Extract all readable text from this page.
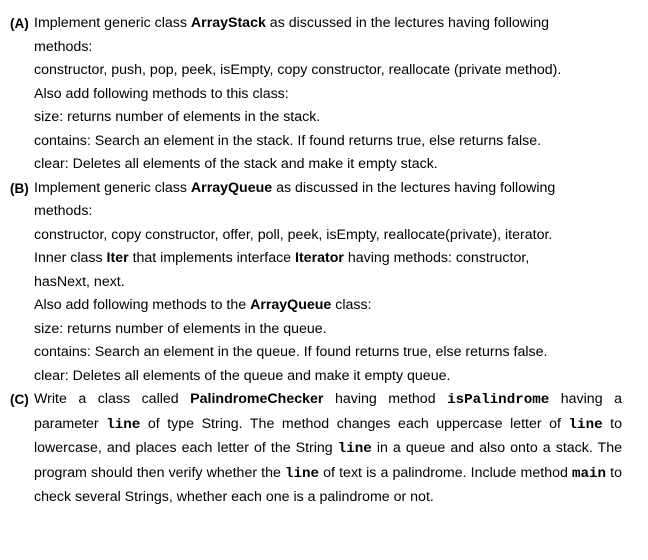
(A) Implement generic class ArrayStack as discussed in the lectures having following
methods:
constructor, push, pop, peek, isEmpty, copy constructor, reallocate (private method).
Also add following methods to this class:
size: returns number of elements in the stack.
contains: Search an element in the stack. If found returns true, else returns false.
clear: Deletes all elements of the stack and make it empty stack.
(B) Implement generic class ArrayQueue as discussed in the lectures having following
methods:
constructor, copy constructor, offer, poll, peek, isEmpty, reallocate(private), iterator.
Inner class Iter that implements interface Iterator having methods: constructor,
hasNext, next.
Also add following methods to the ArrayQueue class:
size: returns number of elements in the queue.
contains: Search an element in the queue. If found returns true, else returns false.
clear: Deletes all elements of the queue and make it empty queue.
(C) Write a class called PalindromeChecker having method isPalindrome having a parameter line of type String. The method changes each uppercase letter of line to lowercase, and places each letter of the String line in a queue and also onto a stack. The program should then verify whether the line of text is a palindrome. Include method main to check several Strings, whether each one is a palindrome or not.
